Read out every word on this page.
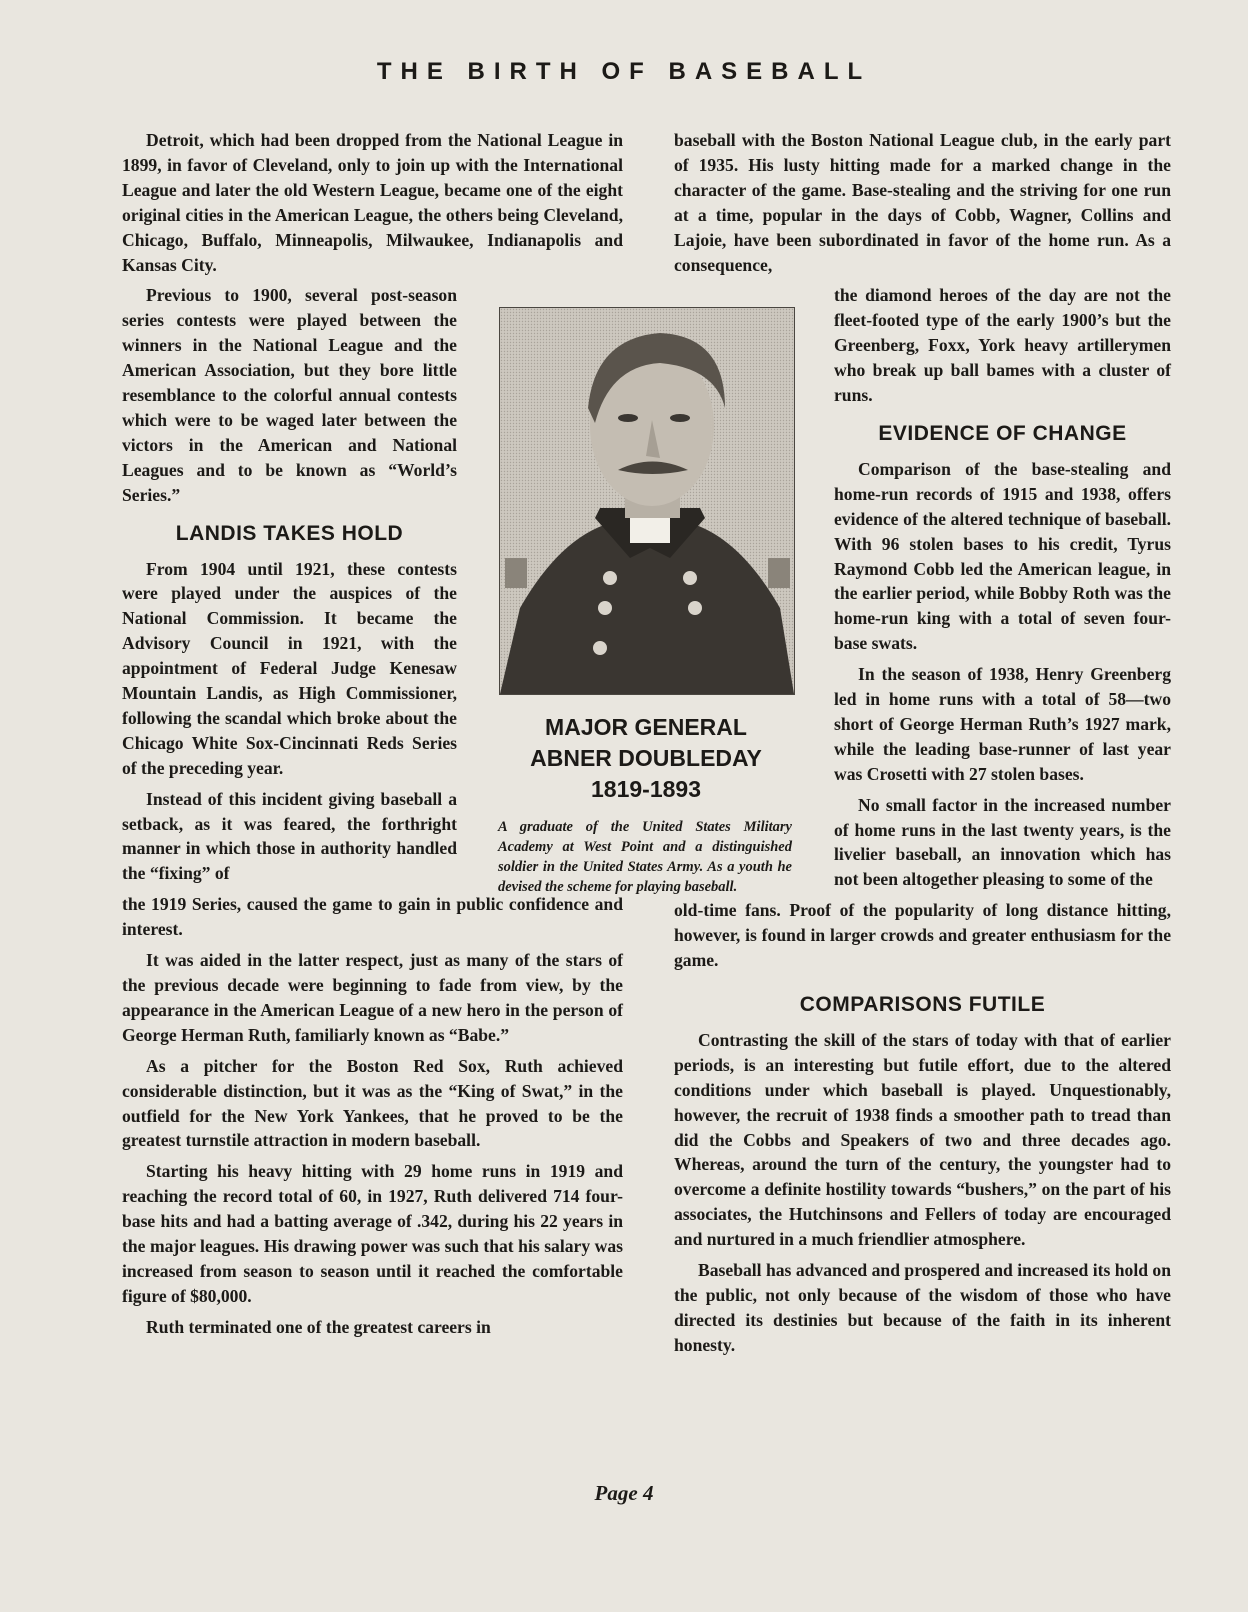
THE BIRTH OF BASEBALL

Detroit, which had been dropped from the National League in 1899, in favor of Cleveland, only to join up with the International League and later the old Western League, became one of the eight original cities in the American League, the others being Cleveland, Chicago, Buffalo, Minneapolis, Milwaukee, Indianapolis and Kansas City.

Previous to 1900, several post-season series contests were played between the winners in the National League and the American Association, but they bore little resemblance to the colorful annual contests which were to be waged later between the victors in the American and National Leagues and to be known as “World’s Series.”

LANDIS TAKES HOLD

From 1904 until 1921, these contests were played under the auspices of the National Commission. It became the Advisory Council in 1921, with the appointment of Federal Judge Kenesaw Mountain Landis, as High Commissioner, following the scandal which broke about the Chicago White Sox-Cincinnati Reds Series of the preceding year.

Instead of this incident giving baseball a setback, as it was feared, the forthright manner in which those in authority handled the “fixing” of

the 1919 Series, caused the game to gain in public confidence and interest.

It was aided in the latter respect, just as many of the stars of the previous decade were beginning to fade from view, by the appearance in the American League of a new hero in the person of George Herman Ruth, familiarly known as “Babe.”

As a pitcher for the Boston Red Sox, Ruth achieved considerable distinction, but it was as the “King of Swat,” in the outfield for the New York Yankees, that he proved to be the greatest turnstile attraction in modern baseball.

Starting his heavy hitting with 29 home runs in 1919 and reaching the record total of 60, in 1927, Ruth delivered 714 four-base hits and had a batting average of .342, during his 22 years in the major leagues. His drawing power was such that his salary was increased from season to season until it reached the comfortable figure of $80,000.

Ruth terminated one of the greatest careers in

MAJOR GENERAL
ABNER DOUBLEDAY
1819-1893
A graduate of the United States Military Academy at West Point and a distinguished soldier in the United States Army. As a youth he devised the scheme for playing baseball.

baseball with the Boston National League club, in the early part of 1935. His lusty hitting made for a marked change in the character of the game. Base-stealing and the striving for one run at a time, popular in the days of Cobb, Wagner, Collins and Lajoie, have been subordinated in favor of the home run. As a consequence,

the diamond heroes of the day are not the fleet-footed type of the early 1900’s but the Greenberg, Foxx, York heavy artillerymen who break up ball bames with a cluster of runs.

EVIDENCE OF CHANGE

Comparison of the base-stealing and home-run records of 1915 and 1938, offers evidence of the altered technique of baseball. With 96 stolen bases to his credit, Tyrus Raymond Cobb led the American league, in the earlier period, while Bobby Roth was the home-run king with a total of seven four-base swats.

In the season of 1938, Henry Greenberg led in home runs with a total of 58—two short of George Herman Ruth’s 1927 mark, while the leading base-runner of last year was Crosetti with 27 stolen bases.

No small factor in the increased number of home runs in the last twenty years, is the livelier baseball, an innovation which has not been altogether pleasing to some of the

old-time fans. Proof of the popularity of long distance hitting, however, is found in larger crowds and greater enthusiasm for the game.

COMPARISONS FUTILE

Contrasting the skill of the stars of today with that of earlier periods, is an interesting but futile effort, due to the altered conditions under which baseball is played. Unquestionably, however, the recruit of 1938 finds a smoother path to tread than did the Cobbs and Speakers of two and three decades ago. Whereas, around the turn of the century, the youngster had to overcome a definite hostility towards “bushers,” on the part of his associates, the Hutchinsons and Fellers of today are encouraged and nurtured in a much friendlier atmosphere.

Baseball has advanced and prospered and increased its hold on the public, not only because of the wisdom of those who have directed its destinies but because of the faith in its inherent honesty.

Page 4
